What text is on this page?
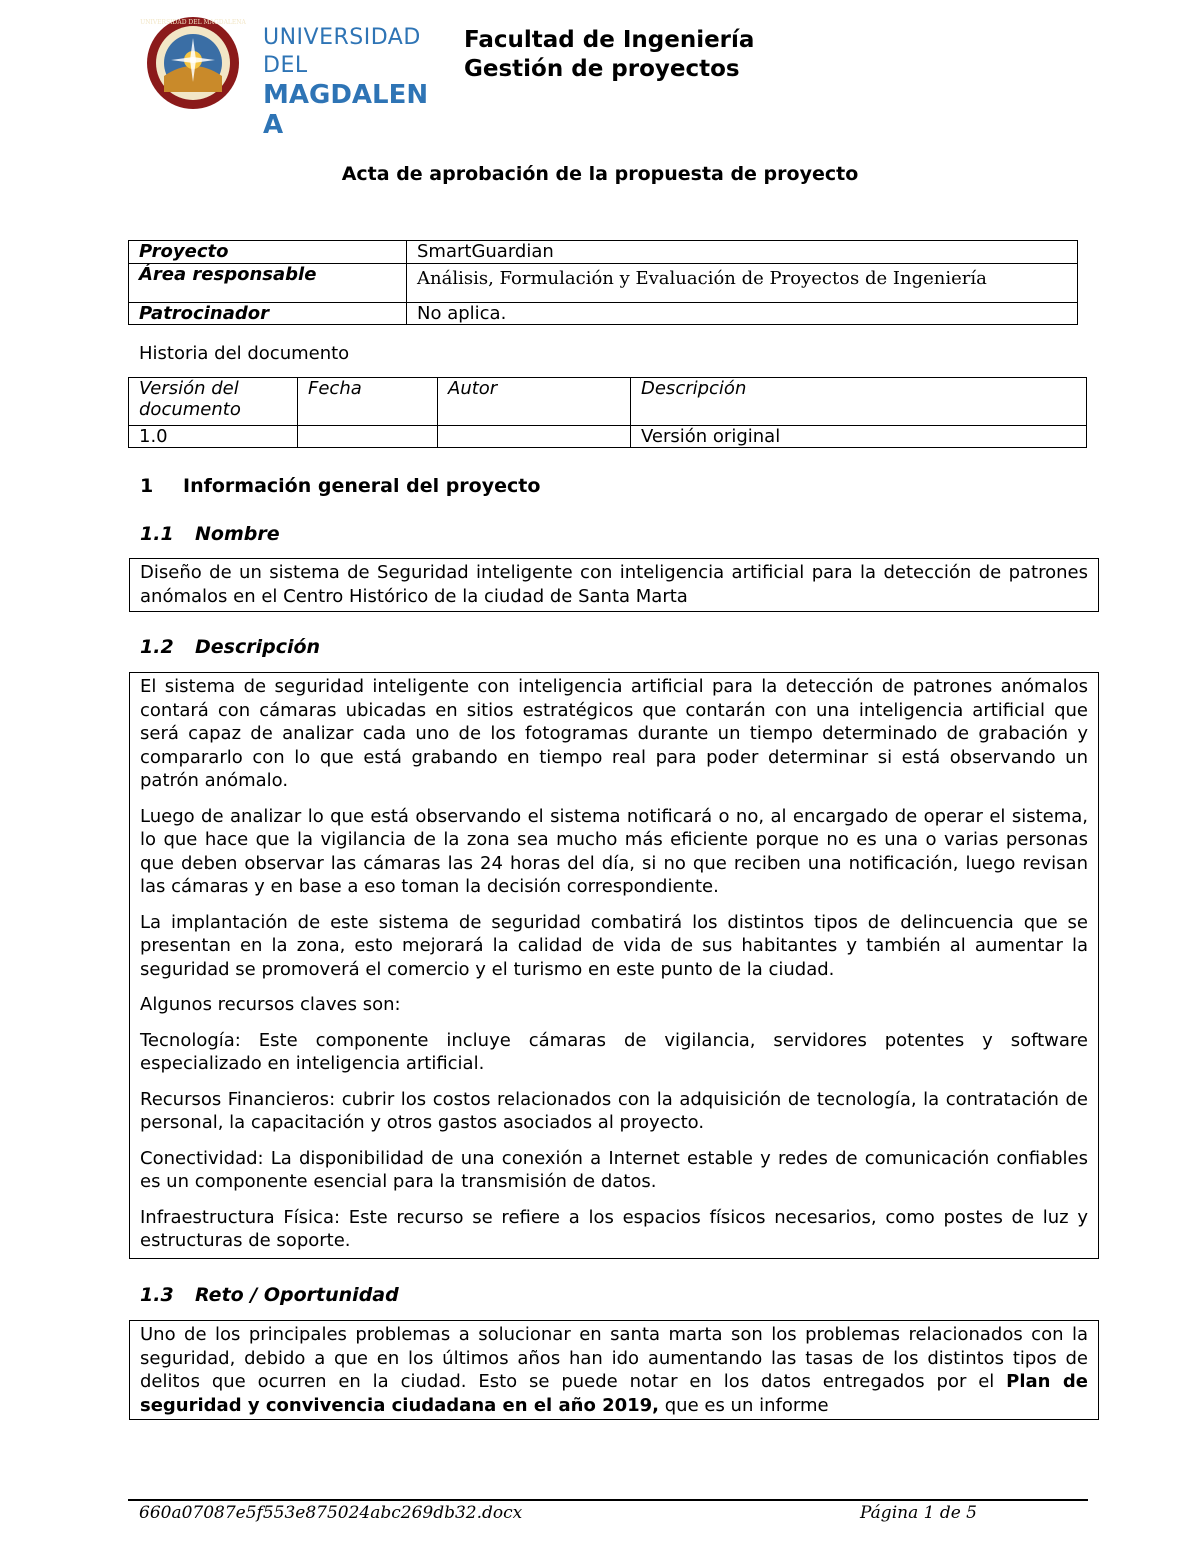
UNIVERSIDAD DEL MAGDALENA
UNIVERSIDAD
DEL
MAGDALEN
A
Facultad de Ingeniería
Gestión de proyectos
Acta de aprobación de la propuesta de proyecto
Proyecto	SmartGuardian
Área responsable	Análisis, Formulación y Evaluación de Proyectos de Ingeniería
Patrocinador	No aplica.
Historia del documento
Versión del documento	Fecha	Autor	Descripción
1.0			Versión original
1 Información general del proyecto
1.1 Nombre

Diseño de un sistema de Seguridad inteligente con inteligencia artificial para la detección de patrones anómalos en el Centro Histórico de la ciudad de Santa Marta

1.2 Descripción

El sistema de seguridad inteligente con inteligencia artificial para la detección de patrones anómalos contará con cámaras ubicadas en sitios estratégicos que contarán con una inteligencia artificial que será capaz de analizar cada uno de los fotogramas durante un tiempo determinado de grabación y compararlo con lo que está grabando en tiempo real para poder determinar si está observando un patrón anómalo.

Luego de analizar lo que está observando el sistema notificará o no, al encargado de operar el sistema, lo que hace que la vigilancia de la zona sea mucho más eficiente porque no es una o varias personas que deben observar las cámaras las 24 horas del día, si no que reciben una notificación, luego revisan las cámaras y en base a eso toman la decisión correspondiente.

La implantación de este sistema de seguridad combatirá los distintos tipos de delincuencia que se presentan en la zona, esto mejorará la calidad de vida de sus habitantes y también al aumentar la seguridad se promoverá el comercio y el turismo en este punto de la ciudad.

Algunos recursos claves son:

Tecnología: Este componente incluye cámaras de vigilancia, servidores potentes y software especializado en inteligencia artificial.

Recursos Financieros: cubrir los costos relacionados con la adquisición de tecnología, la contratación de personal, la capacitación y otros gastos asociados al proyecto.

Conectividad: La disponibilidad de una conexión a Internet estable y redes de comunicación confiables es un componente esencial para la transmisión de datos.

Infraestructura Física: Este recurso se refiere a los espacios físicos necesarios, como postes de luz y estructuras de soporte.

1.3 Reto / Oportunidad

Uno de los principales problemas a solucionar en santa marta son los problemas relacionados con la seguridad, debido a que en los últimos años han ido aumentando las tasas de los distintos tipos de delitos que ocurren en la ciudad. Esto se puede notar en los datos entregados por el Plan de seguridad y convivencia ciudadana en el año 2019, que es un informe

660a07087e5f553e875024abc269db32.docx	Página 1 de 5
